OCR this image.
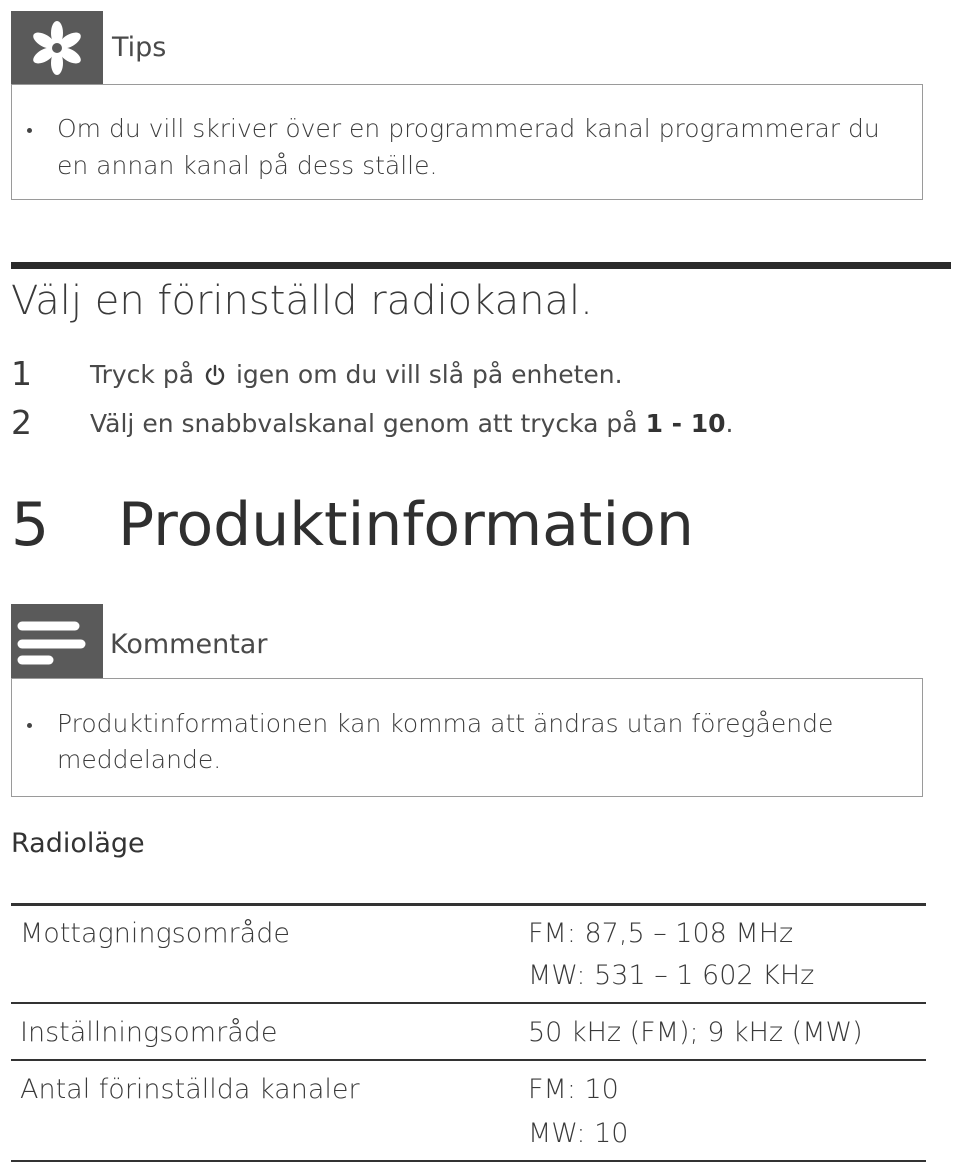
Tips
Om du vill skriver över en programmerad kanal programmerar du
en annan kanal på dess ställe.
Välj en förinställd radiokanal.
1 Tryck på igen om du vill slå på enheten.
2 Välj en snabbvalskanal genom att trycka på 1 - 10.
5 Produktinformation
Kommentar
Produktinformationen kan komma att ändras utan föregående
meddelande.
Radioläge
Mottagningsområde	FM: 87,5 – 108 MHz
MW: 531 – 1 602 KHz
Inställningsområde	50 kHz (FM); 9 kHz (MW)
Antal förinställda kanaler	FM: 10
MW: 10
